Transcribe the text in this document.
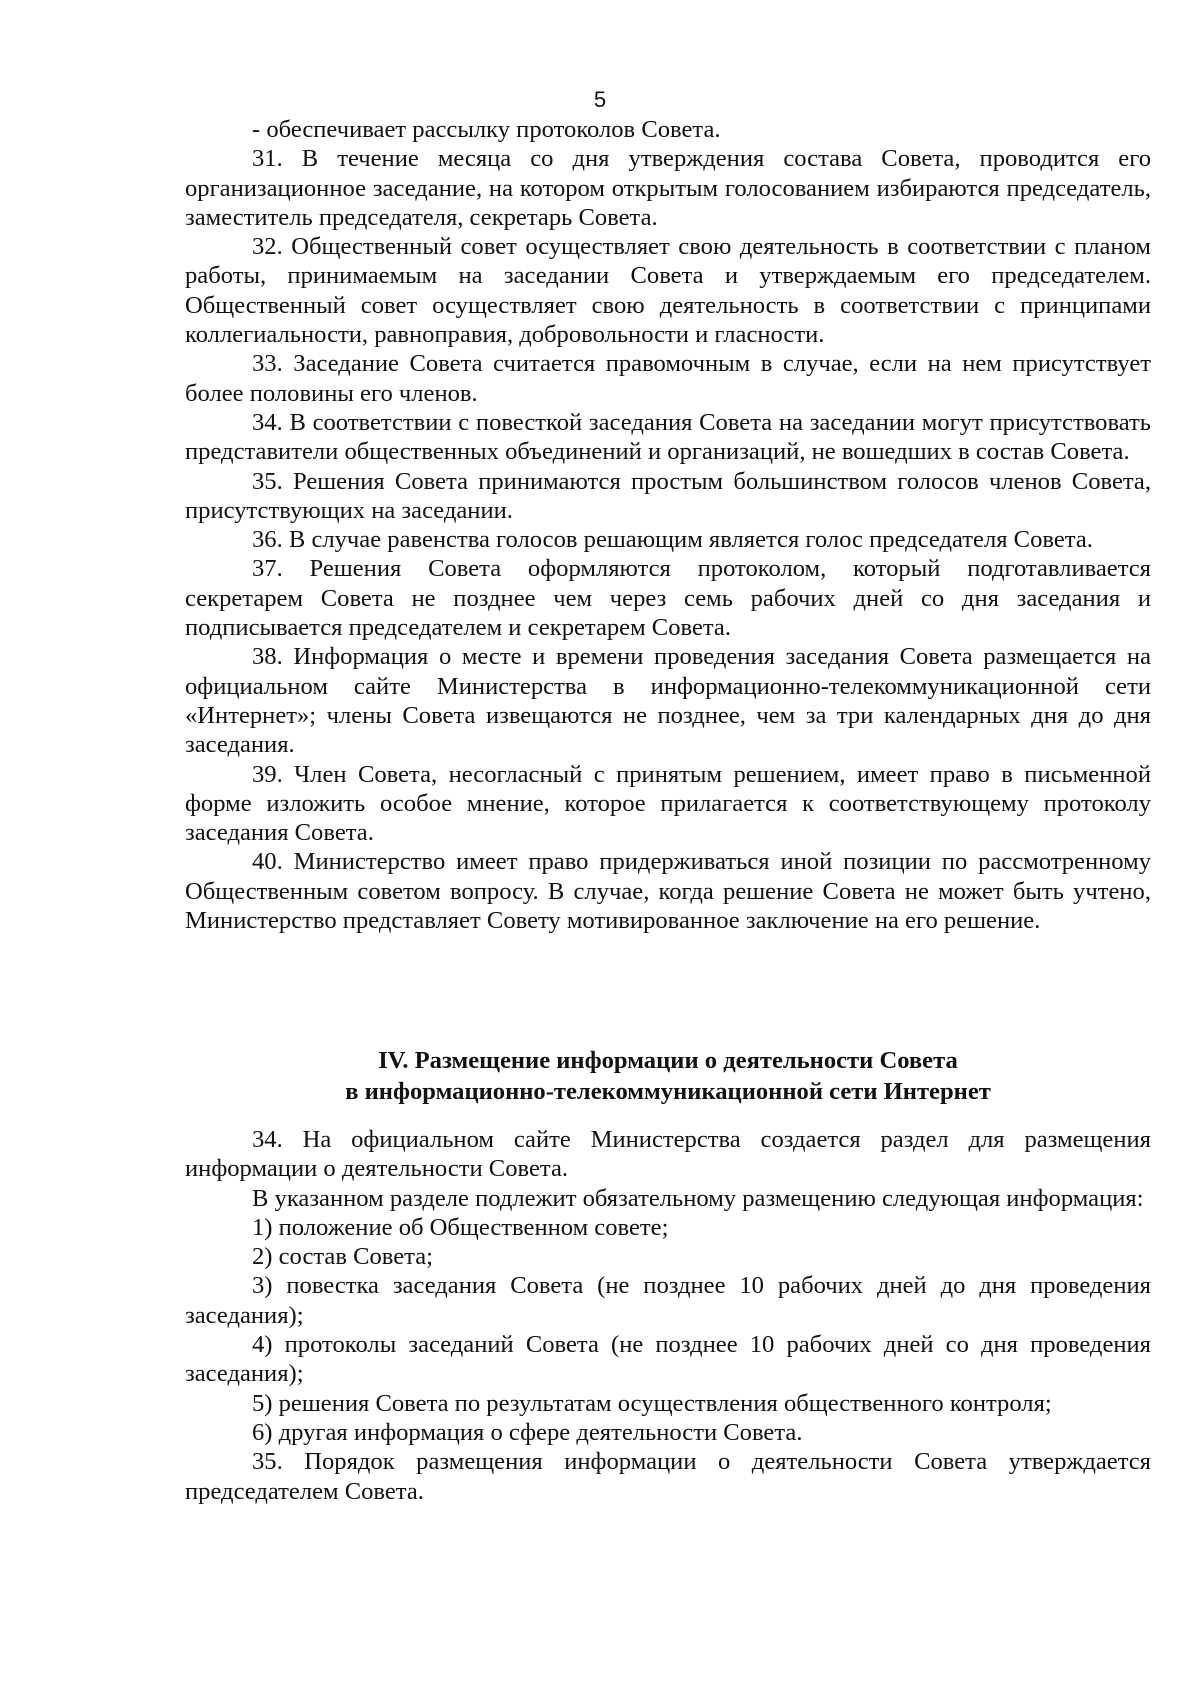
5

- обеспечивает рассылку протоколов Совета.

31. В течение месяца со дня утверждения состава Совета, проводится его организационное заседание, на котором открытым голосованием избираются председатель, заместитель председателя, секретарь Совета.

32. Общественный совет осуществляет свою деятельность в соответствии с планом работы, принимаемым на заседании Совета и утверждаемым его председателем. Общественный совет осуществляет свою деятельность в соответствии с принципами коллегиальности, равноправия, добровольности и гласности.

33. Заседание Совета считается правомочным в случае, если на нем присутствует более половины его членов.

34. В соответствии с повесткой заседания Совета на заседании могут присутствовать представители общественных объединений и организаций, не вошедших в состав Совета.

35. Решения Совета принимаются простым большинством голосов членов Совета, присутствующих на заседании.

36. В случае равенства голосов решающим является голос председателя Совета.

37. Решения Совета оформляются протоколом, который подготавливается секретарем Совета не позднее чем через семь рабочих дней со дня заседания и подписывается председателем и секретарем Совета.

38. Информация о месте и времени проведения заседания Совета размещается на официальном сайте Министерства в информационно-телекоммуникационной сети «Интернет»; члены Совета извещаются не позднее, чем за три календарных дня до дня заседания.

39. Член Совета, несогласный с принятым решением, имеет право в письменной форме изложить особое мнение, которое прилагается к соответствующему протоколу заседания Совета.

40. Министерство имеет право придерживаться иной позиции по рассмотренному Общественным советом вопросу. В случае, когда решение Совета не может быть учтено, Министерство представляет Совету мотивированное заключение на его решение.

IV. Размещение информации о деятельности Совета
в информационно-телекоммуникационной сети Интернет

34. На официальном сайте Министерства создается раздел для размещения информации о деятельности Совета.

В указанном разделе подлежит обязательному размещению следующая информация:

1) положение об Общественном совете;

2) состав Совета;

3) повестка заседания Совета (не позднее 10 рабочих дней до дня проведения заседания);

4) протоколы заседаний Совета (не позднее 10 рабочих дней со дня проведения заседания);

5) решения Совета по результатам осуществления общественного контроля;

6) другая информация о сфере деятельности Совета.

35. Порядок размещения информации о деятельности Совета утверждается председателем Совета.
